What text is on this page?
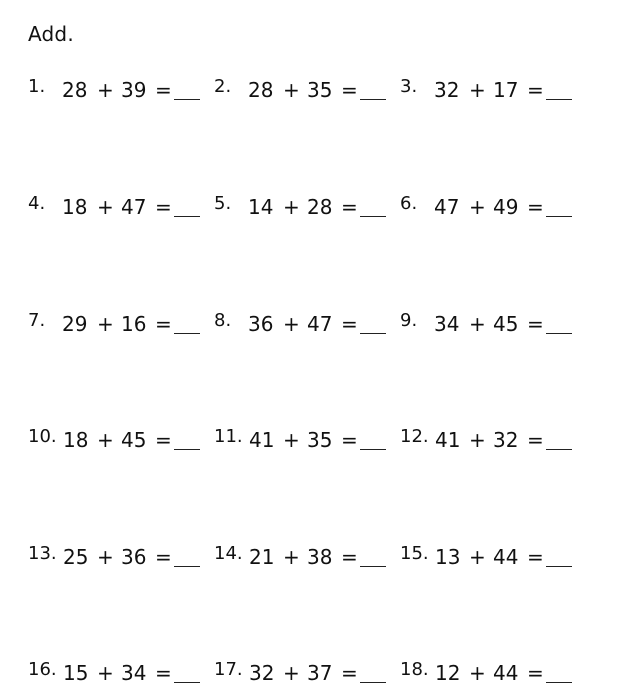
Add.
1. 28 + 39 = 2. 28 + 35 = 3. 32 + 17 =
4. 18 + 47 = 5. 14 + 28 = 6. 47 + 49 =
7. 29 + 16 = 8. 36 + 47 = 9. 34 + 45 =
10. 18 + 45 = 11. 41 + 35 = 12. 41 + 32 =
13. 25 + 36 = 14. 21 + 38 = 15. 13 + 44 =
16. 15 + 34 = 17. 32 + 37 = 18. 12 + 44 =
